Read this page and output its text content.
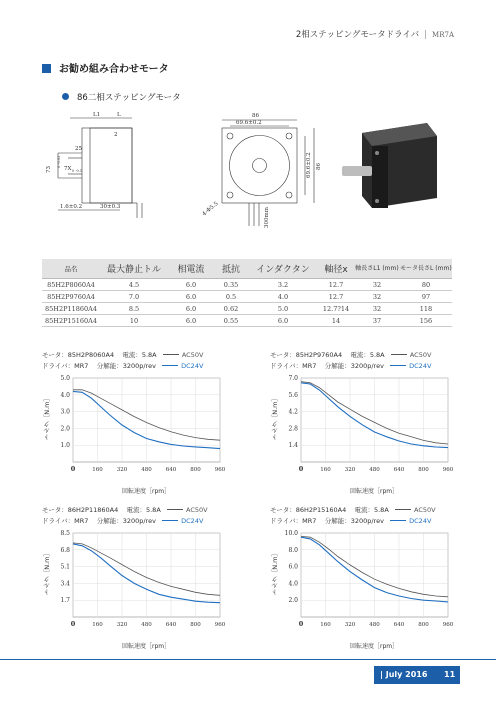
2相ステッピングモータドライバ | MR7A
お勧め組み合わせモータ
86二相ステッピングモータ
L1	L
2
25
73
0 -0.03
7X 0 -0.1
1.6±0.2	30±0.3
86
69.6±0.2
69.6±0.2 86
4-Φ5.5	300mm
品名	最大静止トル	相電流	抵抗	インダクタン	軸径x	軸長さL1 (mm)	モータ長さL (mm)
85H2P8060A4	4.5	6.0	0.35	3.2	12.7	32	80
85H2P9760A4	7.0	6.0	0.5	4.0	12.7	32	97
85H2P11860A4	8.5	6.0	0.62	5.0	12.7?14	32	118
85H2P15160A4	10	6.0	0.55	6.0	14	37	156
モータ：85H2P8060A4 電流：5.8A	AC50V
ドライバ：MR7 分解能：3200p/rev	DC24V
トルク［N.m］
0	160	320	480	640	800	960
5.0
4.0
3.0
2.0
1.0
回転速度［rpm］
モータ：85H2P9760A4 電流：5.8A	AC50V
ドライバ：MR7 分解能：3200p/rev	DC24V
トルク［N.m］
0	160	320	480	640	800	960
7.0
5.6
4.2
2.8
1.4
回転速度［rpm］
モータ：86H2P11860A4 電流：5.8A	AC50V
ドライバ：MR7 分解能：3200p/rev	DC24V
トルク［N.m］
0	160	320	480	640	800	960
8.5
6.8
5.1
3.4
1.7
回転速度［rpm］
モータ：86H2P15160A4 電流：5.8A	AC50V
ドライバ：MR7 分解能：3200p/rev	DC24V
トルク［N.m］
0	160	320	480	640	800	960
10.0
8.0
6.0
4.0
2.0
回転速度［rpm］
| July 2016 11
